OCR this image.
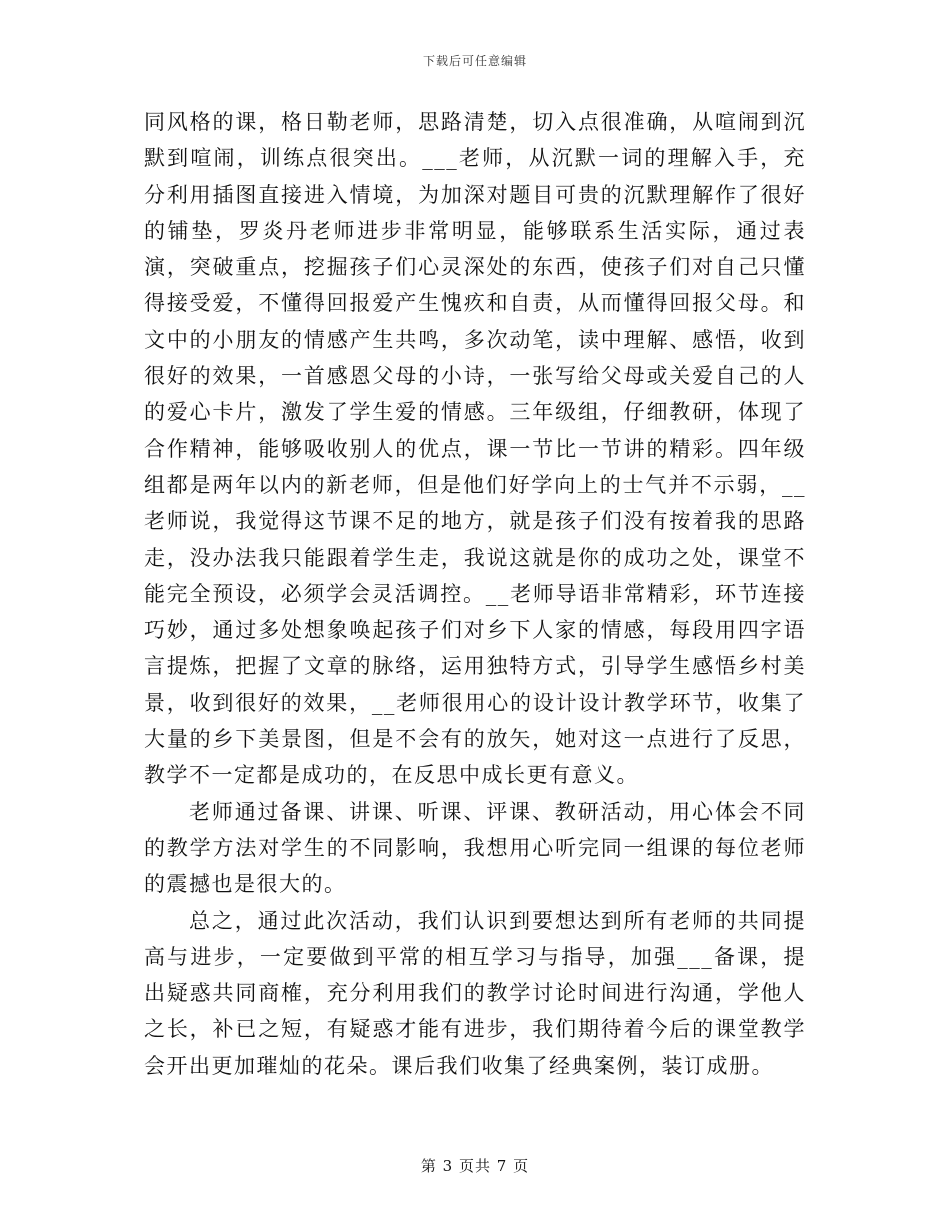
下载后可任意编辑

同风格的课，格日勒老师，思路清楚，切入点很准确，从喧闹到沉默到喧闹，训练点很突出。___老师，从沉默一词的理解入手，充分利用插图直接进入情境，为加深对题目可贵的沉默理解作了很好的铺垫，罗炎丹老师进步非常明显，能够联系生活实际，通过表演，突破重点，挖掘孩子们心灵深处的东西，使孩子们对自己只懂得接受爱，不懂得回报爱产生愧疚和自责，从而懂得回报父母。和文中的小朋友的情感产生共鸣，多次动笔，读中理解、感悟，收到很好的效果，一首感恩父母的小诗，一张写给父母或关爱自己的人的爱心卡片，激发了学生爱的情感。三年级组，仔细教研，体现了合作精神，能够吸收别人的优点，课一节比一节讲的精彩。四年级组都是两年以内的新老师，但是他们好学向上的士气并不示弱，__老师说，我觉得这节课不足的地方，就是孩子们没有按着我的思路走，没办法我只能跟着学生走，我说这就是你的成功之处，课堂不能完全预设，必须学会灵活调控。__老师导语非常精彩，环节连接巧妙，通过多处想象唤起孩子们对乡下人家的情感，每段用四字语言提炼，把握了文章的脉络，运用独特方式，引导学生感悟乡村美景，收到很好的效果，__老师很用心的设计设计教学环节，收集了大量的乡下美景图，但是不会有的放矢，她对这一点进行了反思，教学不一定都是成功的，在反思中成长更有意义。

老师通过备课、讲课、听课、评课、教研活动，用心体会不同的教学方法对学生的不同影响，我想用心听完同一组课的每位老师的震撼也是很大的。

总之，通过此次活动，我们认识到要想达到所有老师的共同提高与进步，一定要做到平常的相互学习与指导，加强___备课，提出疑惑共同商榷，充分利用我们的教学讨论时间进行沟通，学他人之长，补已之短，有疑惑才能有进步，我们期待着今后的课堂教学会开出更加璀灿的花朵。课后我们收集了经典案例，装订成册。

第 3 页共 7 页
